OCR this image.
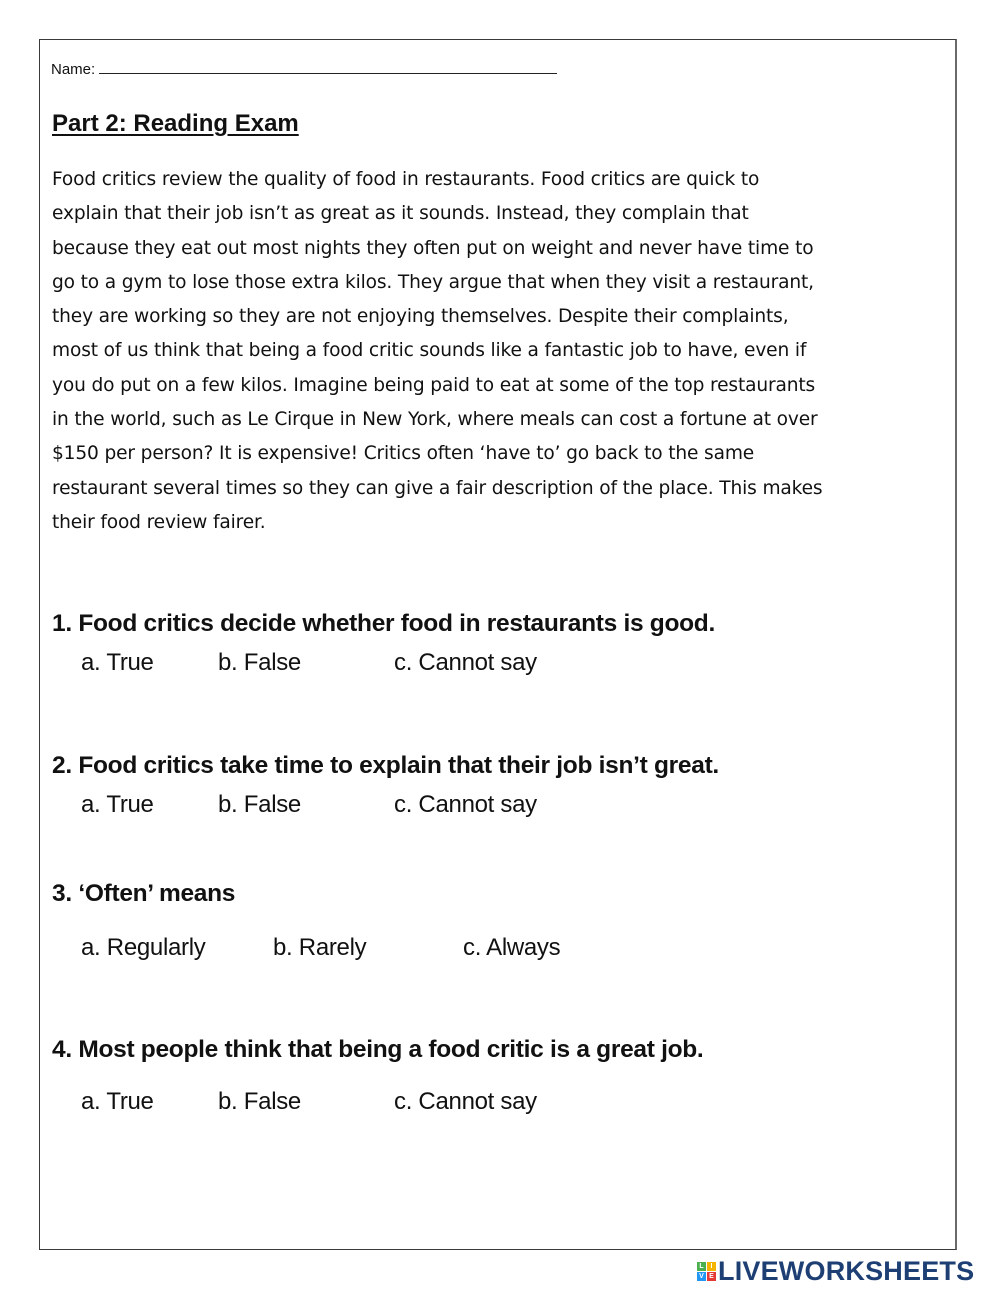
Name:
Part 2: Reading Exam
Food critics review the quality of food in restaurants. Food critics are quick to
explain that their job isn’t as great as it sounds. Instead, they complain that
because they eat out most nights they often put on weight and never have time to
go to a gym to lose those extra kilos. They argue that when they visit a restaurant,
they are working so they are not enjoying themselves. Despite their complaints,
most of us think that being a food critic sounds like a fantastic job to have, even if
you do put on a few kilos. Imagine being paid to eat at some of the top restaurants
in the world, such as Le Cirque in New York, where meals can cost a fortune at over
$150 per person? It is expensive! Critics often ‘have to’ go back to the same
restaurant several times so they can give a fair description of the place. This makes
their food review fairer.
1. Food critics decide whether food in restaurants is good.
a. True	b. False	c. Cannot say
2. Food critics take time to explain that their job isn’t great.
a. True	b. False	c. Cannot say
3. ‘Often’ means
a. Regularly	b. Rarely	c. Always
4. Most people think that being a food critic is a great job.
a. True	b. False	c. Cannot say
L I
V E LIVEWORKSHEETS
